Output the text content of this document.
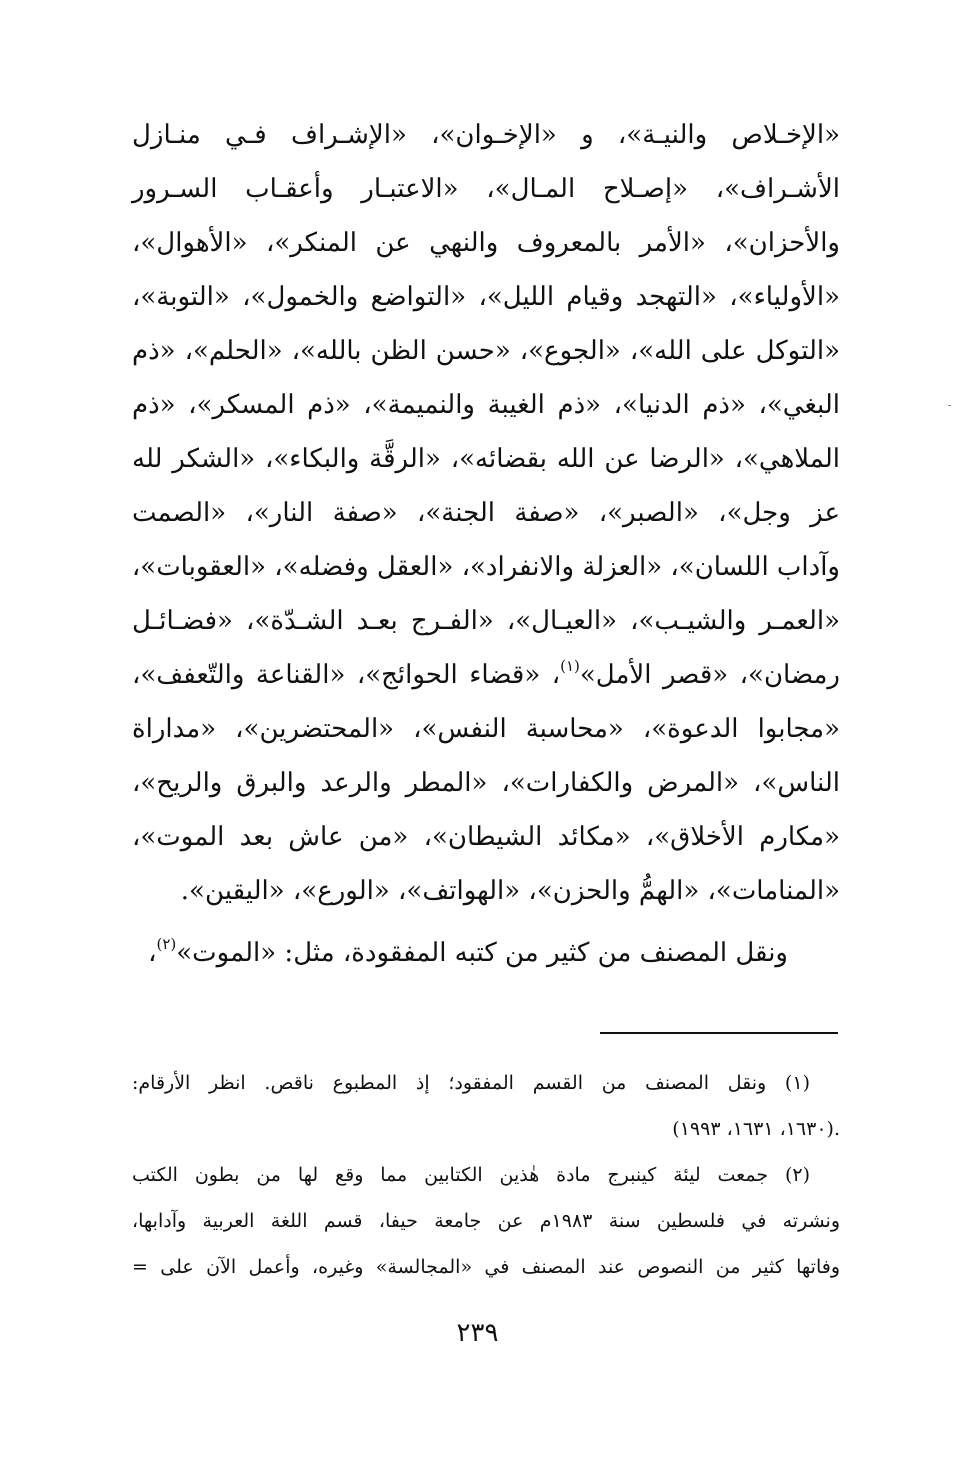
«الإخـلاص والنيـة»، و «الإخـوان»، «الإشـراف فـي منـازل
الأشـراف»، «إصـلاح المـال»، «الاعتبـار وأعقـاب السـرور
والأحزان»، «الأمر بالمعروف والنهي عن المنكر»، «الأهوال»،
«الأولياء»، «التهجد وقيام الليل»، «التواضع والخمول»، «التوبة»،
«التوكل على الله»، «الجوع»، «حسن الظن بالله»، «الحلم»، «ذم
البغي»، «ذم الدنيا»، «ذم الغيبة والنميمة»، «ذم المسكر»، «ذم
الملاهي»، «الرضا عن الله بقضائه»، «الرقَّة والبكاء»، «الشكر لله
عز وجل»، «الصبر»، «صفة الجنة»، «صفة النار»، «الصمت
وآداب اللسان»، «العزلة والانفراد»، «العقل وفضله»، «العقوبات»،
«العمـر والشيـب»، «العيـال»، «الفـرج بعـد الشـدّة»، «فضـائـل
رمضان»، «قصر الأمل»$^{(١)}$، «قضاء الحوائج»، «القناعة والتّعفف»،
«مجابوا الدعوة»، «محاسبة النفس»، «المحتضرين»، «مداراة
الناس»، «المرض والكفارات»، «المطر والرعد والبرق والريح»،
«مكارم الأخلاق»، «مكائد الشيطان»، «من عاش بعد الموت»،
«المنامات»، «الهمُّ والحزن»، «الهواتف»، «الورع»، «اليقين».
ونقل المصنف من كثير من كتبه المفقودة، مثل: «الموت»$^{(٢)}$،
(١) ونقل المصنف من القسم المفقود؛ إذ المطبوع ناقص. انظر الأرقام:
(١٦٣٠، ١٦٣١، ١٩٩٣).
(٢) جمعت ليئة كينبرج مادة هٰذين الكتابين مما وقع لها من بطون الكتب
ونشرته في فلسطين سنة ١٩٨٣م عن جامعة حيفا، قسم اللغة العربية وآدابها،
وفاتها كثير من النصوص عند المصنف في «المجالسة» وغيره، وأعمل الآن على =
٢٣٩
